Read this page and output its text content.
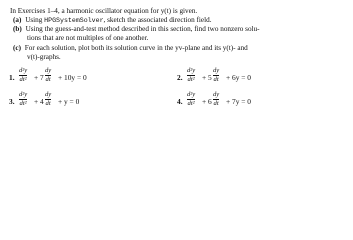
In Exercises 1–4, a harmonic oscillator equation for y(t) is given.
(a) Using HPGSystemSolver, sketch the associated direction field.
(b) Using the guess-and-test method described in this section, find two nonzero solu-
tions that are not multiples of one another.
(c) For each solution, plot both its solution curve in the yv-plane and its y(t)- and
v(t)-graphs.
1.
d²y
dt² + 7
dy
dt + 10y = 0	2.
d²y
dt² + 5
dy
dt + 6y = 0
3.
d²y
dt² + 4
dy
dt + y = 0	4.
d²y
dt² + 6
dy
dt + 7y = 0
